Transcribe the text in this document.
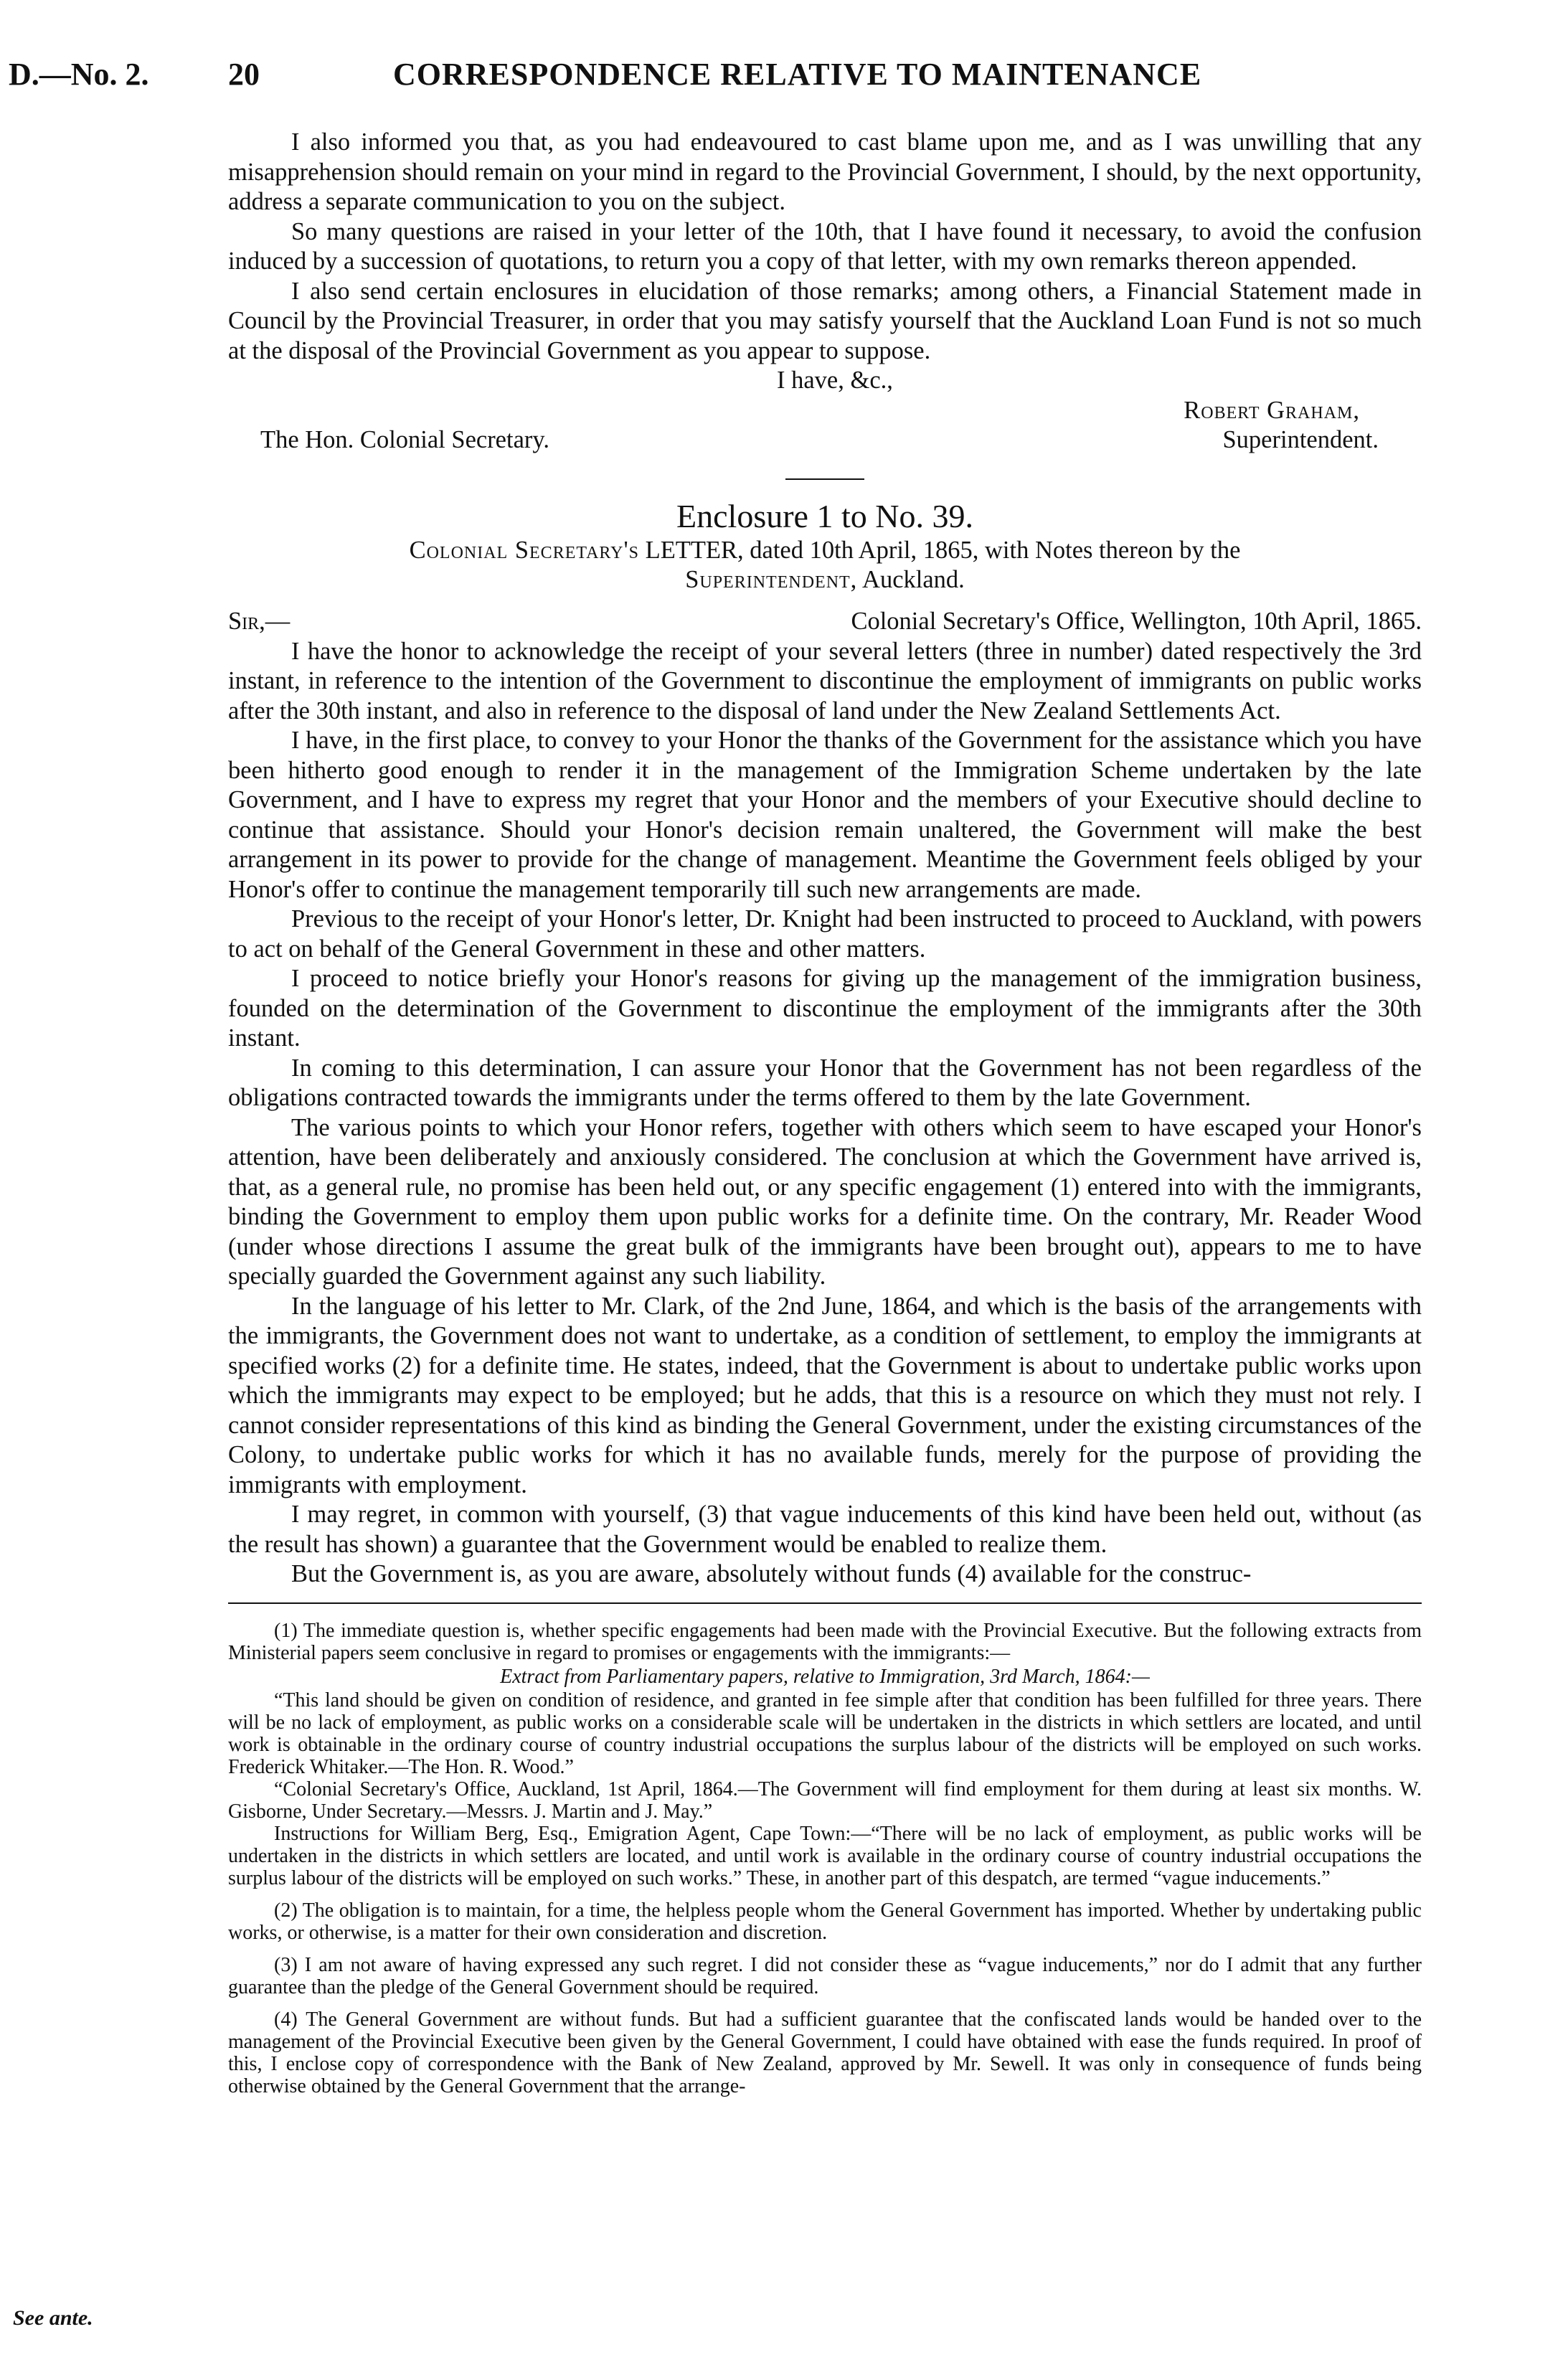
D.—No. 2.	20	CORRESPONDENCE RELATIVE TO MAINTENANCE

I also informed you that, as you had endeavoured to cast blame upon me, and as I was unwilling that any misapprehension should remain on your mind in regard to the Provincial Government, I should, by the next opportunity, address a separate communication to you on the subject.

So many questions are raised in your letter of the 10th, that I have found it necessary, to avoid the confusion induced by a succession of quotations, to return you a copy of that letter, with my own remarks thereon appended.

I also send certain enclosures in elucidation of those remarks; among others, a Financial Statement made in Council by the Provincial Treasurer, in order that you may satisfy yourself that the Auckland Loan Fund is not so much at the disposal of the Provincial Government as you appear to suppose.

I have, &c.,
Robert Graham,
The Hon. Colonial Secretary.	Superintendent.

Enclosure 1 to No. 39.

Colonial Secretary's LETTER, dated 10th April, 1865, with Notes thereon by the
Superintendent, Auckland.

Sir,—	Colonial Secretary's Office, Wellington, 10th April, 1865.

I have the honor to acknowledge the receipt of your several letters (three in number) dated respectively the 3rd instant, in reference to the intention of the Government to discontinue the employment of immigrants on public works after the 30th instant, and also in reference to the disposal of land under the New Zealand Settlements Act.

I have, in the first place, to convey to your Honor the thanks of the Government for the assistance which you have been hitherto good enough to render it in the management of the Immigration Scheme undertaken by the late Government, and I have to express my regret that your Honor and the members of your Executive should decline to continue that assistance. Should your Honor's decision remain unaltered, the Government will make the best arrangement in its power to provide for the change of management. Meantime the Government feels obliged by your Honor's offer to continue the management temporarily till such new arrangements are made.

Previous to the receipt of your Honor's letter, Dr. Knight had been instructed to proceed to Auckland, with powers to act on behalf of the General Government in these and other matters.

I proceed to notice briefly your Honor's reasons for giving up the management of the immigration business, founded on the determination of the Government to discontinue the employment of the immigrants after the 30th instant.

In coming to this determination, I can assure your Honor that the Government has not been regardless of the obligations contracted towards the immigrants under the terms offered to them by the late Government.

The various points to which your Honor refers, together with others which seem to have escaped your Honor's attention, have been deliberately and anxiously considered. The conclusion at which the Government have arrived is, that, as a general rule, no promise has been held out, or any specific engagement (1) entered into with the immigrants, binding the Government to employ them upon public works for a definite time. On the contrary, Mr. Reader Wood (under whose directions I assume the great bulk of the immigrants have been brought out), appears to me to have specially guarded the Government against any such liability.

In the language of his letter to Mr. Clark, of the 2nd June, 1864, and which is the basis of the arrangements with the immigrants, the Government does not want to undertake, as a condition of settlement, to employ the immigrants at specified works (2) for a definite time. He states, indeed, that the Government is about to undertake public works upon which the immigrants may expect to be employed; but he adds, that this is a resource on which they must not rely. I cannot consider representations of this kind as binding the General Government, under the existing circumstances of the Colony, to undertake public works for which it has no available funds, merely for the purpose of providing the immigrants with employment.

I may regret, in common with yourself, (3) that vague inducements of this kind have been held out, without (as the result has shown) a guarantee that the Government would be enabled to realize them.

But the Government is, as you are aware, absolutely without funds (4) available for the construc-

(1) The immediate question is, whether specific engagements had been made with the Provincial Executive. But the following extracts from Ministerial papers seem conclusive in regard to promises or engagements with the immigrants:—

Extract from Parliamentary papers, relative to Immigration, 3rd March, 1864:—

“This land should be given on condition of residence, and granted in fee simple after that condition has been fulfilled for three years. There will be no lack of employment, as public works on a considerable scale will be undertaken in the districts in which settlers are located, and until work is obtainable in the ordinary course of country industrial occupations the surplus labour of the districts will be employed on such works. Frederick Whitaker.—The Hon. R. Wood.”

“Colonial Secretary's Office, Auckland, 1st April, 1864.—The Government will find employment for them during at least six months. W. Gisborne, Under Secretary.—Messrs. J. Martin and J. May.”

Instructions for William Berg, Esq., Emigration Agent, Cape Town:—“There will be no lack of employment, as public works will be undertaken in the districts in which settlers are located, and until work is available in the ordinary course of country industrial occupations the surplus labour of the districts will be employed on such works.” These, in another part of this despatch, are termed “vague inducements.”

(2) The obligation is to maintain, for a time, the helpless people whom the General Government has imported. Whether by undertaking public works, or otherwise, is a matter for their own consideration and discretion.

(3) I am not aware of having expressed any such regret. I did not consider these as “vague inducements,” nor do I admit that any further guarantee than the pledge of the General Government should be required.

(4) The General Government are without funds. But had a sufficient guarantee that the confiscated lands would be handed over to the management of the Provincial Executive been given by the General Government, I could have obtained with ease the funds required. In proof of this, I enclose copy of correspondence with the Bank of New Zealand, approved by Mr. Sewell. It was only in consequence of funds being otherwise obtained by the General Government that the arrange-

See ante.
